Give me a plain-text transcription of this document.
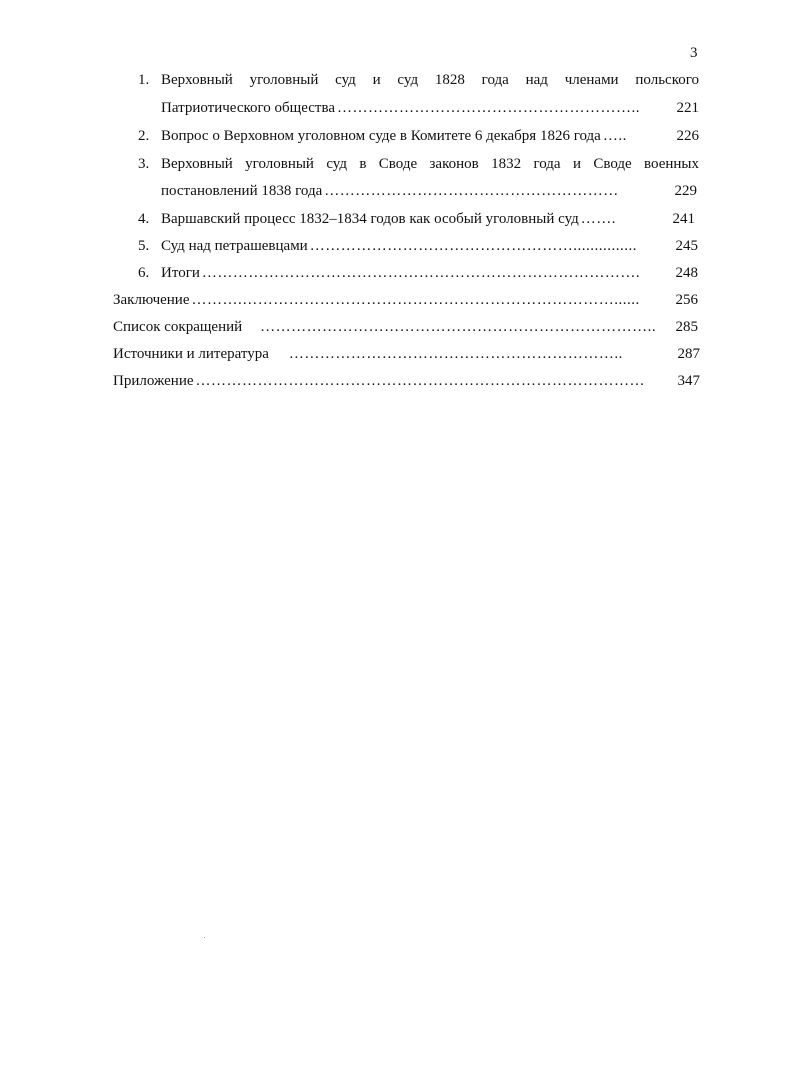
3
1. Верховный уголовный суд и суд 1828 года над членами польского
Патриотического общества …………………………………………………..	221
2. Вопрос о Верховном уголовном суде в Комитете 6 декабря 1826 года …..	226
3. Верховный уголовный суд в Своде законов 1832 года и Своде военных
постановлений 1838 года …………………………………………………	229
4. Варшавский процесс 1832–1834 годов как особый уголовный суд …….	241
5. Суд над петрашевцами ……………………………………………...............	245
6. Итоги ………………………………………………………………………….	248
Заключение ……….………………………………………………………………......	256
Список сокращений …………………………………………………………………..	285
Источники и литература ………………………………………………………..	287
Приложение ……………………………………………………………………………	347
